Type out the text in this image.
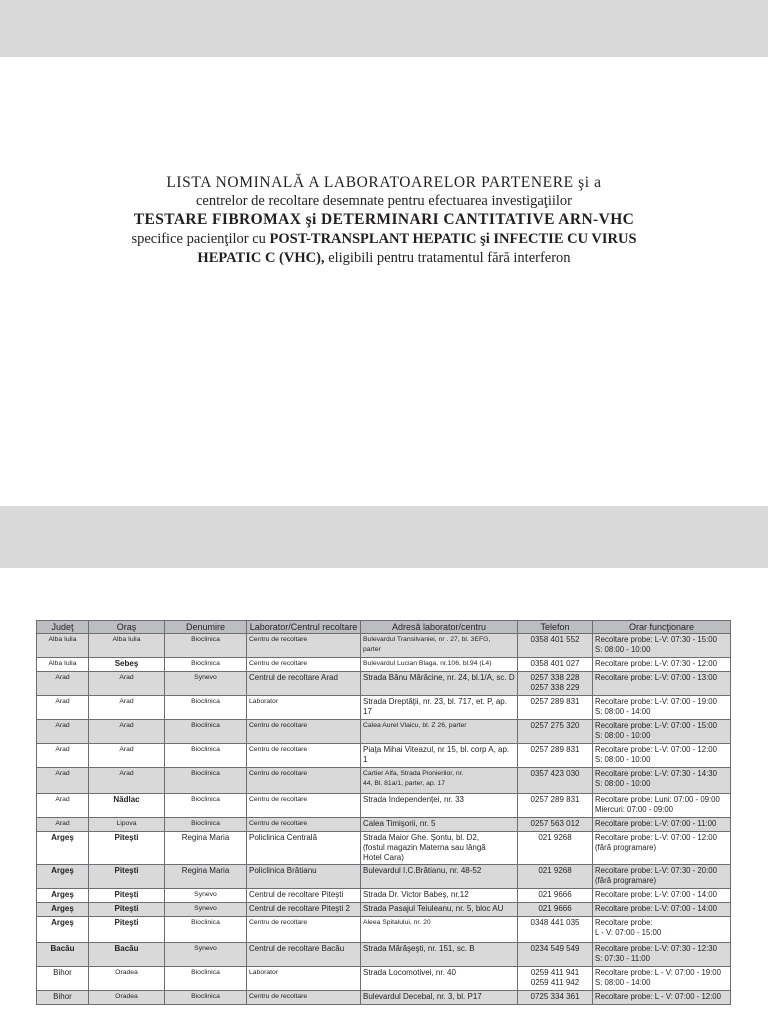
LISTA NOMINALĂ A LABORATOARELOR PARTENERE şi a
centrelor de recoltare desemnate pentru efectuarea investigaţiilor
TESTARE FIBROMAX şi DETERMINARI CANTITATIVE ARN-VHC
specifice pacienţilor cu POST-TRANSPLANT HEPATIC şi INFECTIE CU VIRUS
HEPATIC C (VHC), eligibili pentru tratamentul fără interferon
Judeţ	Oraş	Denumire	Laborator/Centrul recoltare	Adresă laborator/centru	Telefon	Orar funcţionare
Alba Iulia	Alba Iulia	Bioclinica	Centru de recoltare	Bulevardul Transilvaniei, nr . 27, bl. 3EFG,
parter	0358 401 552	Recoltare probe: L-V: 07:30 - 15:00
S: 08:00 - 10:00
Alba Iulia	Sebeş	Bioclinica	Centru de recoltare	Bulevardul Lucian Blaga, nr.106, bl.94 (L4)	0358 401 027	Recoltare probe: L-V: 07:30 - 12:00
Arad	Arad	Synevo	Centrul de recoltare Arad	Strada Bănu Mărăcine, nr. 24, bl.1/A, sc. D	0257 338 228
0257 338 229	Recoltare probe: L-V: 07:00 - 13:00
Arad	Arad	Bioclinica	Laborator	Strada Dreptăţii, nr. 23, bl. 717, et. P, ap. 17	0257 289 831	Recoltare probe: L-V: 07:00 - 19:00
S: 08:00 - 14:00
Arad	Arad	Bioclinica	Centru de recoltare	Calea Aurel Vlaicu, bl. Z 26, parter	0257 275 320	Recoltare probe: L-V: 07:00 - 15:00
S: 08:00 - 10:00
Arad	Arad	Bioclinica	Centru de recoltare	Piaţa Mihai Viteazul, nr 15, bl. corp A, ap. 1	0257 289 831	Recoltare probe: L-V: 07:00 - 12:00
S: 08:00 - 10:00
Arad	Arad	Bioclinica	Centru de recoltare	Cartier Alfa, Strada Pionierilor, nr.
44, Bl. 81a/1, parter, ap. 17	0357 423 030	Recoltare probe: L-V: 07:30 - 14:30
S: 08:00 - 10:00
Arad	Nădlac	Bioclinica	Centru de recoltare	Strada Independenţei, nr. 33	0257 289 831	Recoltare probe: Luni: 07:00 - 09:00
Miercuri: 07:00 - 09:00
Arad	Lipova	Bioclinica	Centru de recoltare	Calea Timişorii, nr. 5	0257 563 012	Recoltare probe: L-V: 07:00 - 11:00
Argeş	Piteşti	Regina Maria	Policlinica Centrală	Strada Maior Ghe. Şontu, bl. D2,
(fostul magazin Materna sau lângă
Hotel Cara)	021 9268	Recoltare probe: L-V: 07:00 - 12:00
(fără programare)
Argeş	Piteşti	Regina Maria	Policlinica Brătianu	Bulevardul I.C.Brătianu, nr. 48-52	021 9268	Recoltare probe: L-V: 07:30 - 20:00
(fără programare)
Argeş	Piteşti	Synevo	Centrul de recoltare Piteşti	Strada Dr. Victor Babeş, nr.12	021 9666	Recoltare probe: L-V: 07:00 - 14:00
Argeş	Piteşti	Synevo	Centrul de recoltare Piteşti 2	Strada Pasajul Teiuleanu, nr. 5, bloc AU	021 9666	Recoltare probe: L-V: 07:00 - 14:00
Argeş	Piteşti	Bioclinica	Centru de recoltare	Aleea Spitalului, nr. 20	0348 441 035	Recoltare probe:
L - V: 07:00 - 15:00
Bacău	Bacău	Synevo	Centrul de recoltare Bacău	Strada Mărăşeşti, nr. 151, sc. B	0234 549 549	Recoltare probe: L-V: 07:30 - 12:30
S: 07:30 - 11:00
Bihor	Oradea	Bioclinica	Laborator	Strada Locomotivei, nr. 40	0259 411 941
0259 411 942	Recoltare probe: L - V: 07:00 - 19:00
S: 08:00 - 14:00
Bihor	Oradea	Bioclinica	Centru de recoltare	Bulevardul Decebal, nr. 3, bl. P17	0725 334 361	Recoltare probe: L - V: 07:00 - 12:00
